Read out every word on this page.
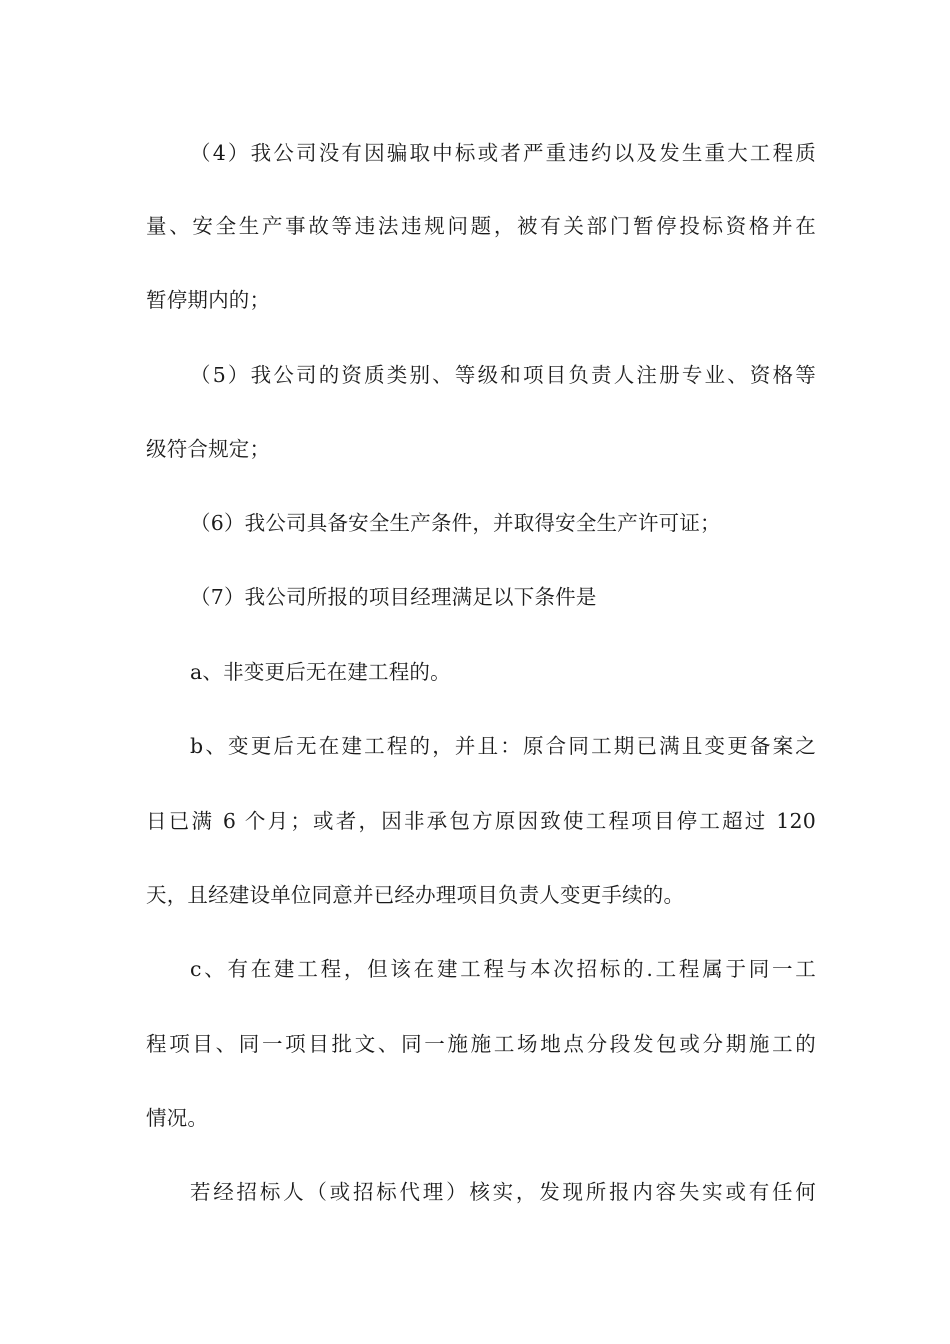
（4）我公司没有因骗取中标或者严重违约以及发生重大工程质
量、安全生产事故等违法违规问题，被有关部门暂停投标资格并在
暂停期内的；
（5）我公司的资质类别、等级和项目负责人注册专业、资格等
级符合规定；
（6）我公司具备安全生产条件，并取得安全生产许可证；
（7）我公司所报的项目经理满足以下条件是
a、非变更后无在建工程的。
b、变更后无在建工程的，并且：原合同工期已满且变更备案之
日已满 6 个月；或者，因非承包方原因致使工程项目停工超过 120
天，且经建设单位同意并已经办理项目负责人变更手续的。
c、有在建工程，但该在建工程与本次招标的.工程属于同一工
程项目、同一项目批文、同一施施工场地点分段发包或分期施工的
情况。
若经招标人（或招标代理）核实，发现所报内容失实或有任何
